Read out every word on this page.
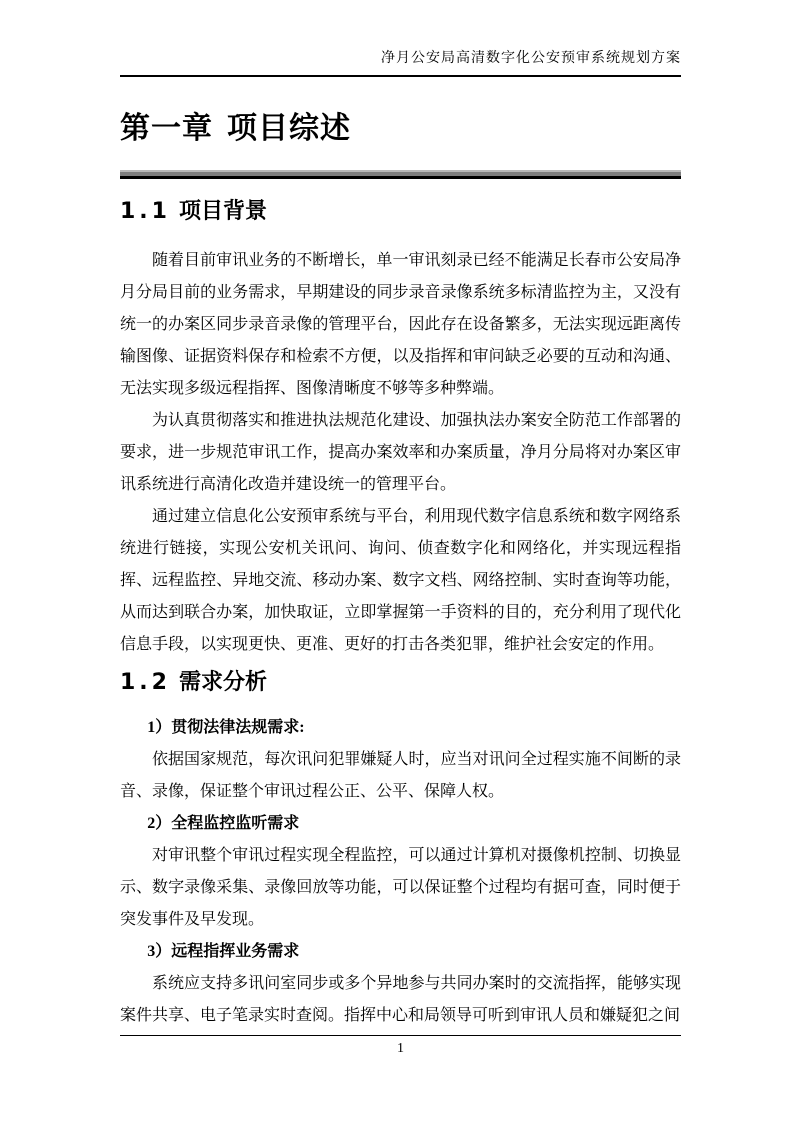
净月公安局高清数字化公安预审系统规划方案
第一章 项目综述
1.1 项目背景

随着目前审讯业务的不断增长，单一审讯刻录已经不能满足长春市公安局净月分局目前的业务需求，早期建设的同步录音录像系统多标清监控为主，又没有统一的办案区同步录音录像的管理平台，因此存在设备繁多，无法实现远距离传输图像、证据资料保存和检索不方便，以及指挥和审问缺乏必要的互动和沟通、无法实现多级远程指挥、图像清晰度不够等多种弊端。

为认真贯彻落实和推进执法规范化建设、加强执法办案安全防范工作部署的要求，进一步规范审讯工作，提高办案效率和办案质量，净月分局将对办案区审讯系统进行高清化改造并建设统一的管理平台。

通过建立信息化公安预审系统与平台，利用现代数字信息系统和数字网络系统进行链接，实现公安机关讯问、询问、侦查数字化和网络化，并实现远程指挥、远程监控、异地交流、移动办案、数字文档、网络控制、实时查询等功能，从而达到联合办案，加快取证，立即掌握第一手资料的目的，充分利用了现代化信息手段，以实现更快、更准、更好的打击各类犯罪，维护社会安定的作用。

1.2 需求分析

1）贯彻法律法规需求:

依据国家规范，每次讯问犯罪嫌疑人时，应当对讯问全过程实施不间断的录音、录像，保证整个审讯过程公正、公平、保障人权。

2）全程监控监听需求

对审讯整个审讯过程实现全程监控，可以通过计算机对摄像机控制、切换显示、数字录像采集、录像回放等功能，可以保证整个过程均有据可查，同时便于突发事件及早发现。

3）远程指挥业务需求

系统应支持多讯问室同步或多个异地参与共同办案时的交流指挥，能够实现案件共享、电子笔录实时查阅。指挥中心和局领导可听到审讯人员和嫌疑犯之间

1
